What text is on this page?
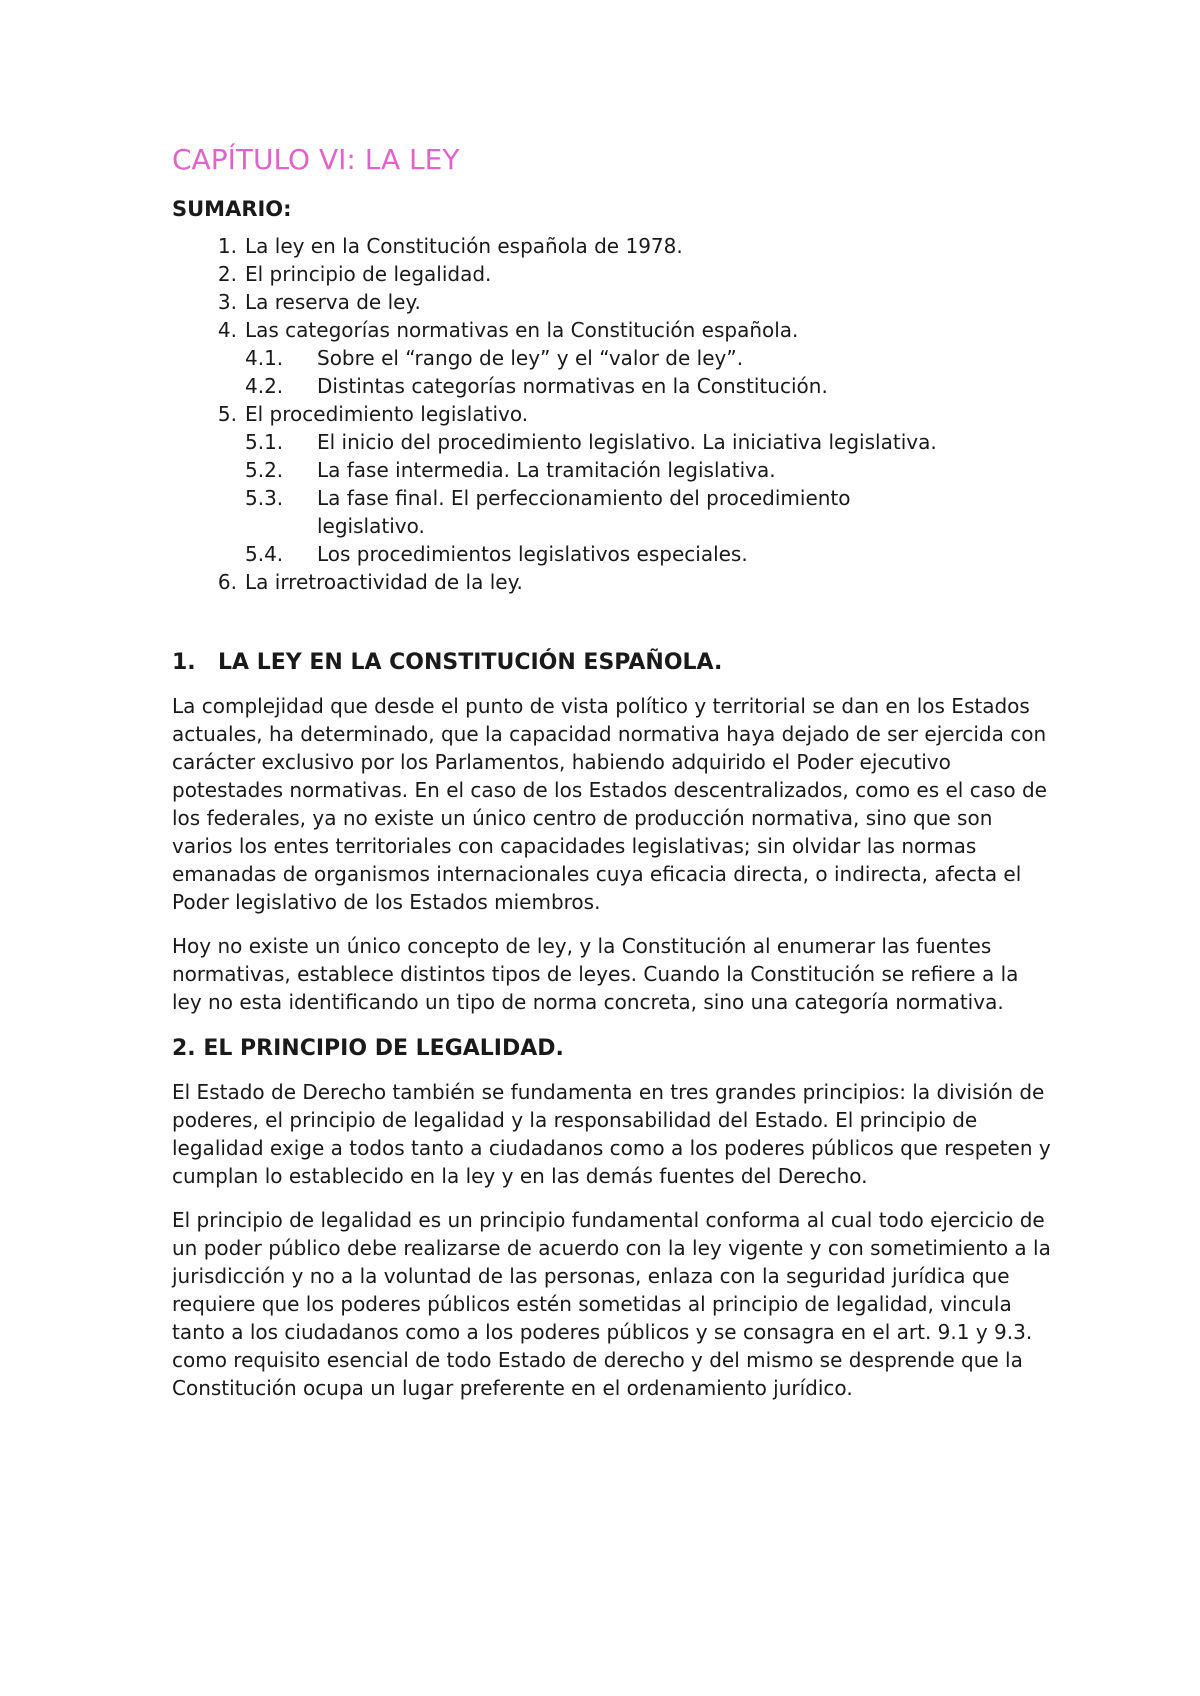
CAPÍTULO VI: LA LEY
SUMARIO:
1. La ley en la Constitución española de 1978.
2. El principio de legalidad.
3. La reserva de ley.
4. Las categorías normativas en la Constitución española.
4.1.	Sobre el “rango de ley” y el “valor de ley”.
4.2.	Distintas categorías normativas en la Constitución.
5. El procedimiento legislativo.
5.1.	El inicio del procedimiento legislativo. La iniciativa legislativa.
5.2.	La fase intermedia. La tramitación legislativa.
5.3.	La fase final. El perfeccionamiento del procedimiento legislativo.
5.4.	Los procedimientos legislativos especiales.
6. La irretroactividad de la ley.
1. LA LEY EN LA CONSTITUCIÓN ESPAÑOLA.

La complejidad que desde el punto de vista político y territorial se dan en los Estados actuales, ha determinado, que la capacidad normativa haya dejado de ser ejercida con carácter exclusivo por los Parlamentos, habiendo adquirido el Poder ejecutivo potestades normativas. En el caso de los Estados descentralizados, como es el caso de los federales, ya no existe un único centro de producción normativa, sino que son varios los entes territoriales con capacidades legislativas; sin olvidar las normas emanadas de organismos internacionales cuya eficacia directa, o indirecta, afecta el Poder legislativo de los Estados miembros.

Hoy no existe un único concepto de ley, y la Constitución al enumerar las fuentes normativas, establece distintos tipos de leyes. Cuando la Constitución se refiere a la ley no esta identificando un tipo de norma concreta, sino una categoría normativa.

2. EL PRINCIPIO DE LEGALIDAD.

El Estado de Derecho también se fundamenta en tres grandes principios: la división de poderes, el principio de legalidad y la responsabilidad del Estado. El principio de legalidad exige a todos tanto a ciudadanos como a los poderes públicos que respeten y cumplan lo establecido en la ley y en las demás fuentes del Derecho.

El principio de legalidad es un principio fundamental conforma al cual todo ejercicio de un poder público debe realizarse de acuerdo con la ley vigente y con sometimiento a la jurisdicción y no a la voluntad de las personas, enlaza con la seguridad jurídica que requiere que los poderes públicos estén sometidas al principio de legalidad, vincula tanto a los ciudadanos como a los poderes públicos y se consagra en el art. 9.1 y 9.3. como requisito esencial de todo Estado de derecho y del mismo se desprende que la Constitución ocupa un lugar preferente en el ordenamiento jurídico.
